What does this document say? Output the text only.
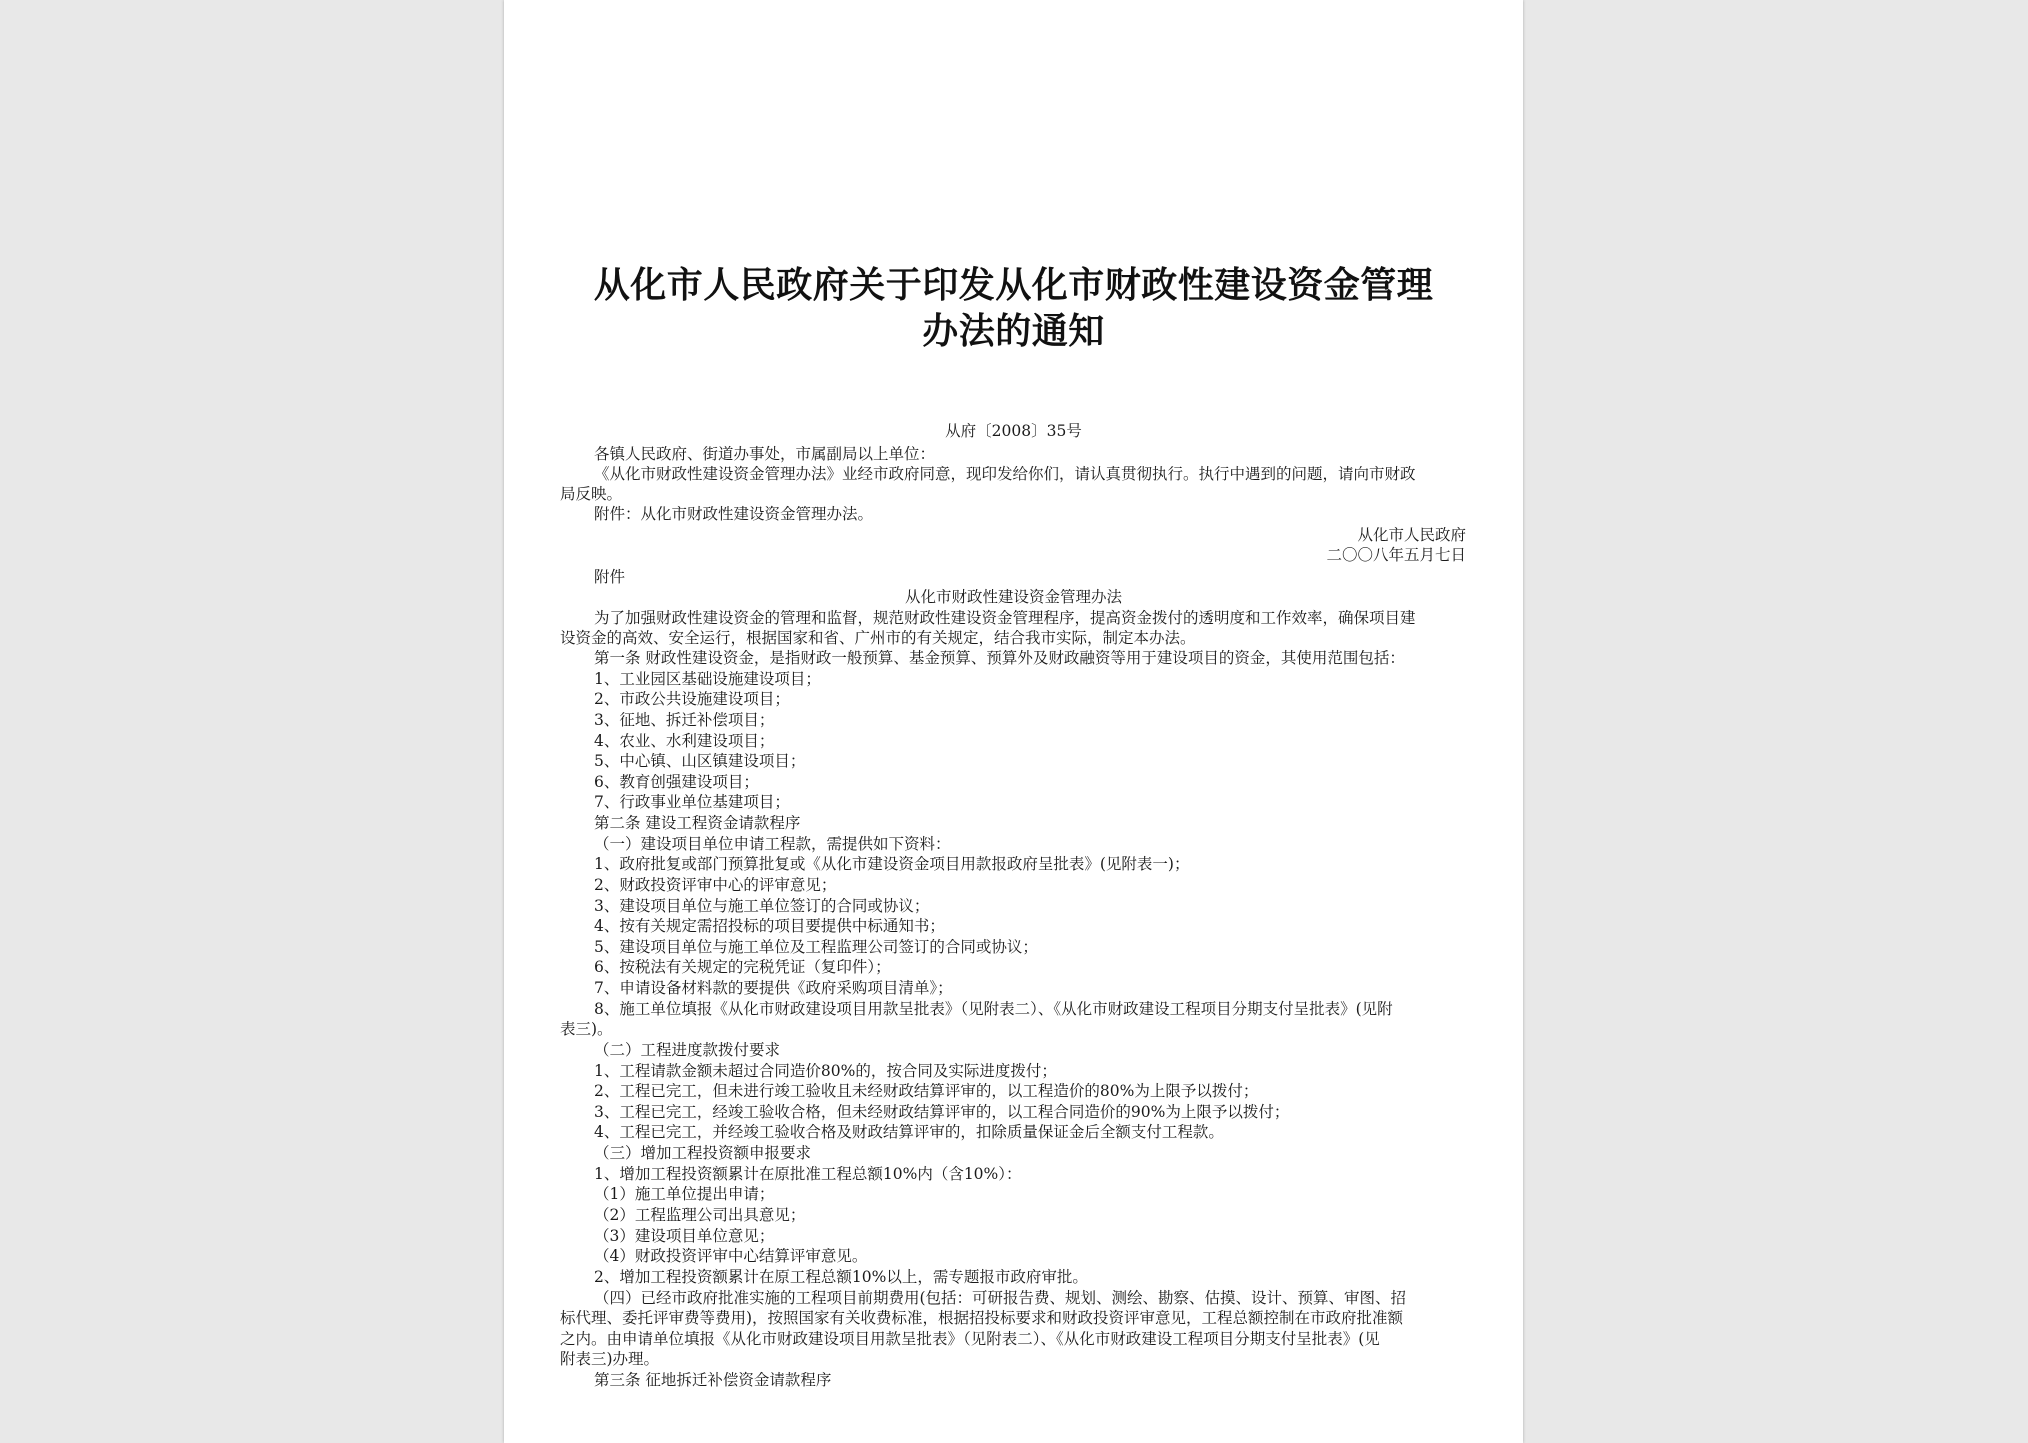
从化市人民政府关于印发从化市财政性建设资金管理
办法的通知
从府〔2008〕35号
各镇人民政府、街道办事处，市属副局以上单位：
《从化市财政性建设资金管理办法》业经市政府同意，现印发给你们，请认真贯彻执行。执行中遇到的问题，请向市财政
局反映。
附件：从化市财政性建设资金管理办法。
从化市人民政府
二〇〇八年五月七日
附件
从化市财政性建设资金管理办法
为了加强财政性建设资金的管理和监督，规范财政性建设资金管理程序，提高资金拨付的透明度和工作效率，确保项目建
设资金的高效、安全运行，根据国家和省、广州市的有关规定，结合我市实际，制定本办法。
第一条 财政性建设资金，是指财政一般预算、基金预算、预算外及财政融资等用于建设项目的资金，其使用范围包括：
1、工业园区基础设施建设项目；
2、市政公共设施建设项目；
3、征地、拆迁补偿项目；
4、农业、水利建设项目；
5、中心镇、山区镇建设项目；
6、教育创强建设项目；
7、行政事业单位基建项目；
第二条 建设工程资金请款程序
（一）建设项目单位申请工程款，需提供如下资料：
1、政府批复或部门预算批复或《从化市建设资金项目用款报政府呈批表》(见附表一)；
2、财政投资评审中心的评审意见；
3、建设项目单位与施工单位签订的合同或协议；
4、按有关规定需招投标的项目要提供中标通知书；
5、建设项目单位与施工单位及工程监理公司签订的合同或协议；
6、按税法有关规定的完税凭证（复印件）；
7、申请设备材料款的要提供《政府采购项目清单》；
8、施工单位填报《从化市财政建设项目用款呈批表》（见附表二）、《从化市财政建设工程项目分期支付呈批表》(见附
表三)。
（二）工程进度款拨付要求
1、工程请款金额未超过合同造价80%的，按合同及实际进度拨付；
2、工程已完工，但未进行竣工验收且未经财政结算评审的，以工程造价的80%为上限予以拨付；
3、工程已完工，经竣工验收合格，但未经财政结算评审的，以工程合同造价的90%为上限予以拨付；
4、工程已完工，并经竣工验收合格及财政结算评审的，扣除质量保证金后全额支付工程款。
（三）增加工程投资额申报要求
1、增加工程投资额累计在原批准工程总额10%内（含10%）：
（1）施工单位提出申请；
（2）工程监理公司出具意见；
（3）建设项目单位意见；
（4）财政投资评审中心结算评审意见。
2、增加工程投资额累计在原工程总额10%以上，需专题报市政府审批。
（四）已经市政府批准实施的工程项目前期费用(包括：可研报告费、规划、测绘、勘察、估摸、设计、预算、审图、招
标代理、委托评审费等费用)，按照国家有关收费标准，根据招投标要求和财政投资评审意见，工程总额控制在市政府批准额
之内。由申请单位填报《从化市财政建设项目用款呈批表》（见附表二）、《从化市财政建设工程项目分期支付呈批表》(见
附表三)办理。
第三条 征地拆迁补偿资金请款程序
